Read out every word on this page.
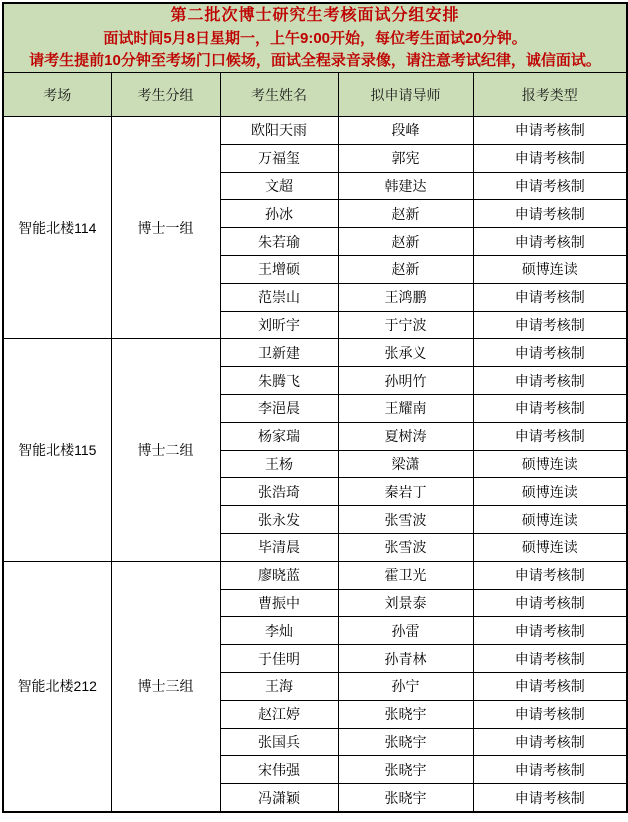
第二批次博士研究生考核面试分组安排
面试时间5月8日星期一，上午9:00开始，每位考生面试20分钟。
请考生提前10分钟至考场门口候场，面试全程录音录像，请注意考试纪律，诚信面试。				

考场	考生分组	考生姓名	拟申请导师	报考类型
智能北楼114	博士一组	欧阳天雨	段峰	申请考核制
		万福玺	郭宪	申请考核制
		文超	韩建达	申请考核制
		孙冰	赵新	申请考核制
		朱若瑜	赵新	申请考核制
		王增硕	赵新	硕博连读
		范崇山	王鸿鹏	申请考核制
		刘昕宇	于宁波	申请考核制
智能北楼115	博士二组	卫新建	张承义	申请考核制
		朱腾飞	孙明竹	申请考核制
		李浥晨	王耀南	申请考核制
		杨家瑞	夏树涛	申请考核制
		王杨	梁潇	硕博连读
		张浩琦	秦岩丁	硕博连读
		张永发	张雪波	硕博连读
		毕清晨	张雪波	硕博连读
智能北楼212	博士三组	廖晓蓝	霍卫光	申请考核制
		曹振中	刘景泰	申请考核制
		李灿	孙雷	申请考核制
		于佳明	孙青林	申请考核制
		王海	孙宁	申请考核制
		赵江婷	张晓宇	申请考核制
		张国兵	张晓宇	申请考核制
		宋伟强	张晓宇	申请考核制
		冯潇颖	张晓宇	申请考核制
